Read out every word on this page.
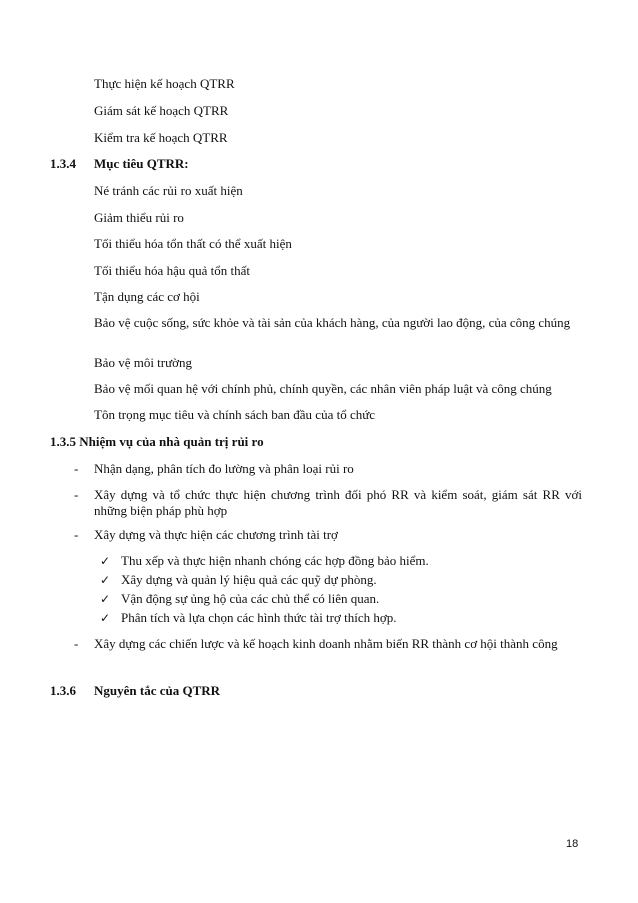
Thực hiện kế hoạch QTRR
Giám sát kế hoạch QTRR
Kiểm tra kế hoạch QTRR
1.3.4 Mục tiêu QTRR:
Né tránh các rủi ro xuất hiện
Giảm thiểu rủi ro
Tối thiểu hóa tổn thất có thể xuất hiện
Tối thiểu hóa hậu quả tổn thất
Tận dụng các cơ hội
Bảo vệ cuộc sống, sức khỏe và tài sản của khách hàng, của người lao động, của công chúng
Bảo vệ môi trường
Bảo vệ mối quan hệ với chính phủ, chính quyền, các nhân viên pháp luật và công chúng
Tôn trọng mục tiêu và chính sách ban đầu của tổ chức
1.3.5 Nhiệm vụ của nhà quản trị rủi ro
- Nhận dạng, phân tích đo lường và phân loại rủi ro
- Xây dựng và tổ chức thực hiện chương trình đối phó RR và kiểm soát, giám sát RR với những biện pháp phù hợp
- Xây dựng và thực hiện các chương trình tài trợ
✓ Thu xếp và thực hiện nhanh chóng các hợp đồng bảo hiểm.
✓ Xây dựng và quản lý hiệu quả các quỹ dự phòng.
✓ Vận động sự ủng hộ của các chủ thể có liên quan.
✓ Phân tích và lựa chọn các hình thức tài trợ thích hợp.
- Xây dựng các chiến lược và kế hoạch kinh doanh nhằm biến RR thành cơ hội thành công
1.3.6 Nguyên tắc của QTRR
18
